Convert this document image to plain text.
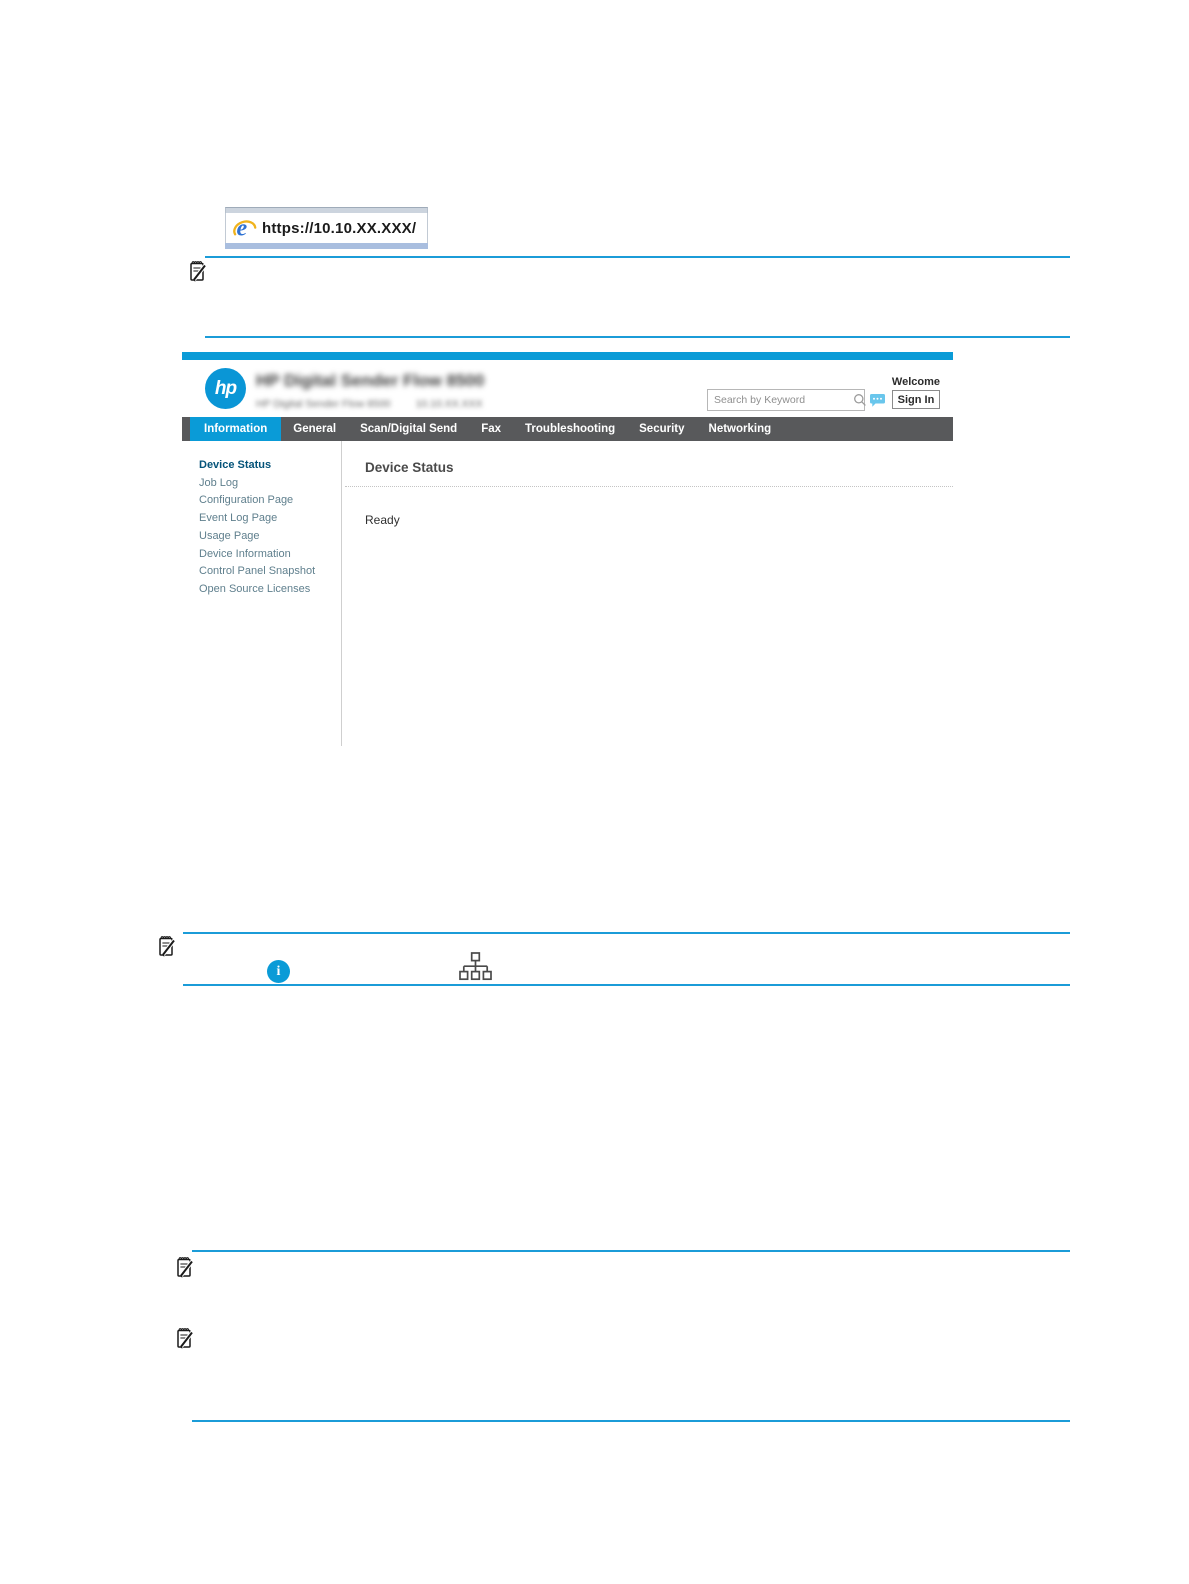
e https://10.10.XX.XXX/
i
hp	HP Digital Sender Flow 8500
HP Digital Sender Flow 8500 10.10.XX.XXX
Search by Keyword
Welcome
Sign In
Information	General	Scan/Digital Send	Fax	Troubleshooting	Security	Networking
Device Status
Job Log
Configuration Page
Event Log Page
Usage Page
Device Information
Control Panel Snapshot
Open Source Licenses
Device Status
Ready
